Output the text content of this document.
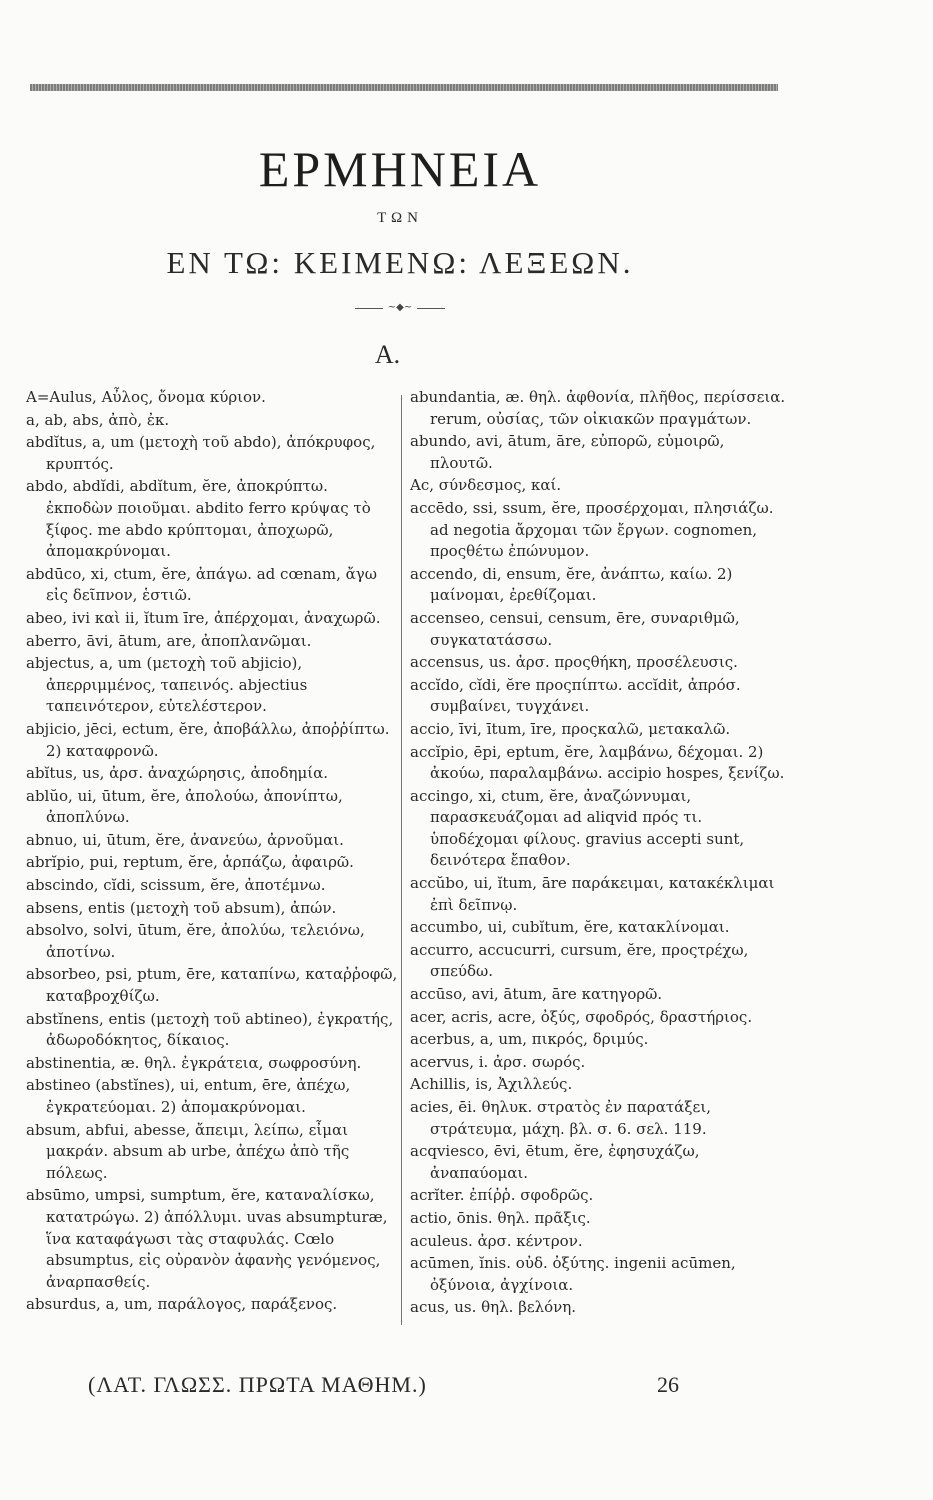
ΕΡΜΗΝΕΙΑ
ΤΩΝ
ΕΝ ΤΩ: ΚΕΙΜΕΝΩ: ΛΕΞΕΩΝ.
~◆~
A.
A=Aulus, Αὖλος, ὄνομα κύριον.
a, ab, abs, ἀπὸ, ἐκ.
abdĭtus, a, um (μετοχὴ τοῦ abdo), ἀπόκρυφος, κρυπτός.
abdo, abdĭdi, abdĭtum, ĕre, ἀποκρύπτω. ἐκποδὼν ποιοῦμαι. abdito ferro κρύψας τὸ ξίφος. me abdo κρύπτομαι, ἀποχωρῶ, ἀπομακρύνομαι.
abdūco, xi, ctum, ĕre, ἀπάγω. ad cœnam, ἄγω εἰς δεῖπνον, ἑστιῶ.
abeo, ivi καὶ ii, ĭtum īre, ἀπέρχομαι, ἀναχωρῶ.
aberro, āvi, ātum, are, ἀποπλανῶμαι.
abjectus, a, um (μετοχὴ τοῦ abjicio), ἀπερριμμένος, ταπεινός. abjectius ταπεινότερον, εὐτελέστερον.
abjicio, jēci, ectum, ĕre, ἀποβάλλω, ἀποῤῥίπτω. 2) καταφρονῶ.
abĭtus, us, ἀρσ. ἀναχώρησις, ἀποδημία.
ablŭo, ui, ūtum, ĕre, ἀπολούω, ἀπονίπτω, ἀποπλύνω.
abnuo, ui, ūtum, ĕre, ἀνανεύω, ἀρνοῦμαι.
abrĭpio, pui, reptum, ĕre, ἁρπάζω, ἀφαιρῶ.
abscindo, cĭdi, scissum, ĕre, ἀποτέμνω.
absens, entis (μετοχὴ τοῦ absum), ἀπών.
absolvo, solvi, ūtum, ĕre, ἀπολύω, τελειόνω, ἀποτίνω.
absorbeo, psi, ptum, ēre, καταπίνω, καταῤῥοφῶ, καταβροχθίζω.
abstĭnens, entis (μετοχὴ τοῦ abtineo), ἐγκρατής, ἀδωροδόκητος, δίκαιος.
abstinentia, æ. θηλ. ἐγκράτεια, σωφροσύνη.
abstineo (abstĭnes), ui, entum, ēre, ἀπέχω, ἐγκρατεύομαι. 2) ἀπομακρύνομαι.
absum, abfui, abesse, ἄπειμι, λείπω, εἶμαι μακράν. absum ab urbe, ἀπέχω ἀπὸ τῆς πόλεως.
absūmo, umpsi, sumptum, ĕre, καταναλίσκω, κατατρώγω. 2) ἀπόλλυμι. uvas absumpturæ, ἵνα καταφάγωσι τὰς σταφυλάς. Cœlo absumptus, εἰς οὐρανὸν ἀφανὴς γενόμενος, ἀναρπασθείς.
absurdus, a, um, παράλογος, παράξενος.
abundantia, æ. θηλ. ἀφθονία, πλῆθος, περίσσεια. rerum, οὐσίας, τῶν οἰκιακῶν πραγμάτων.
abundo, avi, ātum, āre, εὐπορῶ, εὐμοιρῶ, πλουτῶ.
Ac, σύνδεσμος, καί.
accēdo, ssi, ssum, ĕre, προσέρχομαι, πλησιάζω. ad negotia ἄρχομαι τῶν ἔργων. cognomen, προςθέτω ἐπώνυμον.
accendo, di, ensum, ĕre, ἀνάπτω, καίω. 2) μαίνομαι, ἐρεθίζομαι.
accenseo, censui, censum, ēre, συναριθμῶ, συγκατατάσσω.
accensus, us. ἀρσ. προςθήκη, προσέλευσις.
accĭdo, cĭdi, ĕre προςπίπτω. accĭdit, ἀπρόσ. συμβαίνει, τυγχάνει.
accio, īvi, ītum, īre, προςκαλῶ, μετακαλῶ.
accĭpio, ēpi, eptum, ĕre, λαμβάνω, δέχομαι. 2) ἀκούω, παραλαμβάνω. accipio hospes, ξενίζω.
accingo, xi, ctum, ĕre, ἀναζώννυμαι, παρασκευάζομαι ad aliqvid πρός τι. ὑποδέχομαι φίλους. gravius accepti sunt, δεινότερα ἔπαθον.
accŭbo, ui, ĭtum, āre παράκειμαι, κατακέκλιμαι ἐπὶ δεῖπνῳ.
accumbo, ui, cubĭtum, ĕre, κατακλίνομαι.
accurro, accucurri, cursum, ĕre, προςτρέχω, σπεύδω.
accūso, avi, ātum, āre κατηγορῶ.
acer, acris, acre, ὀξύς, σφοδρός, δραστήριος.
acerbus, a, um, πικρός, δριμύς.
acervus, i. ἀρσ. σωρός.
Achillis, is, Ἀχιλλεύς.
acies, ēi. θηλυκ. στρατὸς ἐν παρατάξει, στράτευμα, μάχη. βλ. σ. 6. σελ. 119.
acqviesco, ēvi, ētum, ĕre, ἐφησυχάζω, ἀναπαύομαι.
acrĭter. ἐπίῤῥ. σφοδρῶς.
actio, ōnis. θηλ. πρᾶξις.
aculeus. ἀρσ. κέντρον.
acūmen, ĭnis. οὐδ. ὀξύτης. ingenii acūmen, ὀξύνοια, ἀγχίνοια.
acus, us. θηλ. βελόνη.
(ΛΑΤ. ΓΛΩΣΣ. ΠΡΩΤΑ ΜΑΘΗΜ.)	26
